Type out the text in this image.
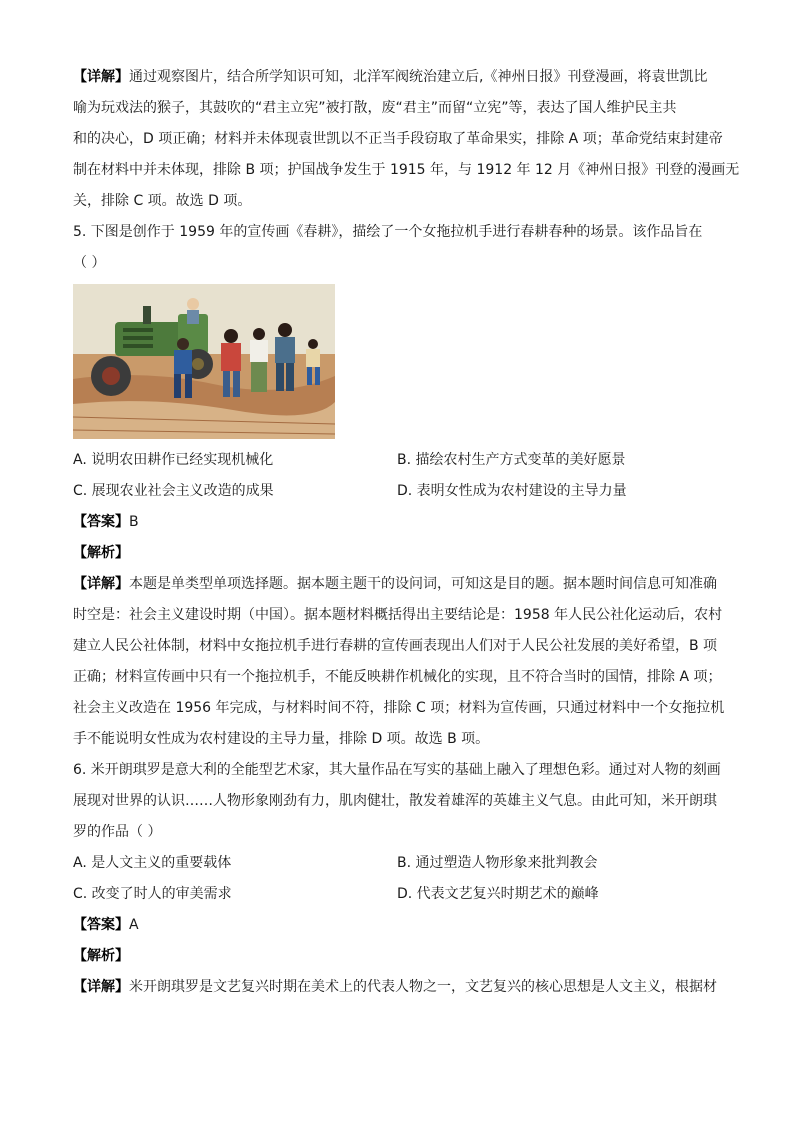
【详解】通过观察图片，结合所学知识可知，北洋军阀统治建立后,《神州日报》刊登漫画，将袁世凯比
喻为玩戏法的猴子，其鼓吹的“君主立宪”被打散，废“君主”而留“立宪”等，表达了国人维护民主共
和的决心，D 项正确；材料并未体现袁世凯以不正当手段窃取了革命果实，排除 A 项；革命党结束封建帝
制在材料中并未体现，排除 B 项；护国战争发生于 1915 年，与 1912 年 12 月《神州日报》刊登的漫画无
关，排除 C 项。故选 D 项。
5. 下图是创作于 1959 年的宣传画《春耕》，描绘了一个女拖拉机手进行春耕春种的场景。该作品旨在
（ ）
A. 说明农田耕作已经实现机械化	B. 描绘农村生产方式变革的美好愿景
C. 展现农业社会主义改造的成果	D. 表明女性成为农村建设的主导力量
【答案】B
【解析】
【详解】本题是单类型单项选择题。据本题主题干的设问词，可知这是目的题。据本题时间信息可知准确
时空是：社会主义建设时期（中国）。据本题材料概括得出主要结论是：1958 年人民公社化运动后，农村
建立人民公社体制，材料中女拖拉机手进行春耕的宣传画表现出人们对于人民公社发展的美好希望，B 项
正确；材料宣传画中只有一个拖拉机手，不能反映耕作机械化的实现，且不符合当时的国情，排除 A 项；
社会主义改造在 1956 年完成，与材料时间不符，排除 C 项；材料为宣传画，只通过材料中一个女拖拉机
手不能说明女性成为农村建设的主导力量，排除 D 项。故选 B 项。
6. 米开朗琪罗是意大利的全能型艺术家，其大量作品在写实的基础上融入了理想色彩。通过对人物的刻画
展现对世界的认识……人物形象刚劲有力，肌肉健壮，散发着雄浑的英雄主义气息。由此可知，米开朗琪
罗的作品（ ）
A. 是人文主义的重要载体	B. 通过塑造人物形象来批判教会
C. 改变了时人的审美需求	D. 代表文艺复兴时期艺术的巅峰
【答案】A
【解析】
【详解】米开朗琪罗是文艺复兴时期在美术上的代表人物之一，文艺复兴的核心思想是人文主义，根据材
